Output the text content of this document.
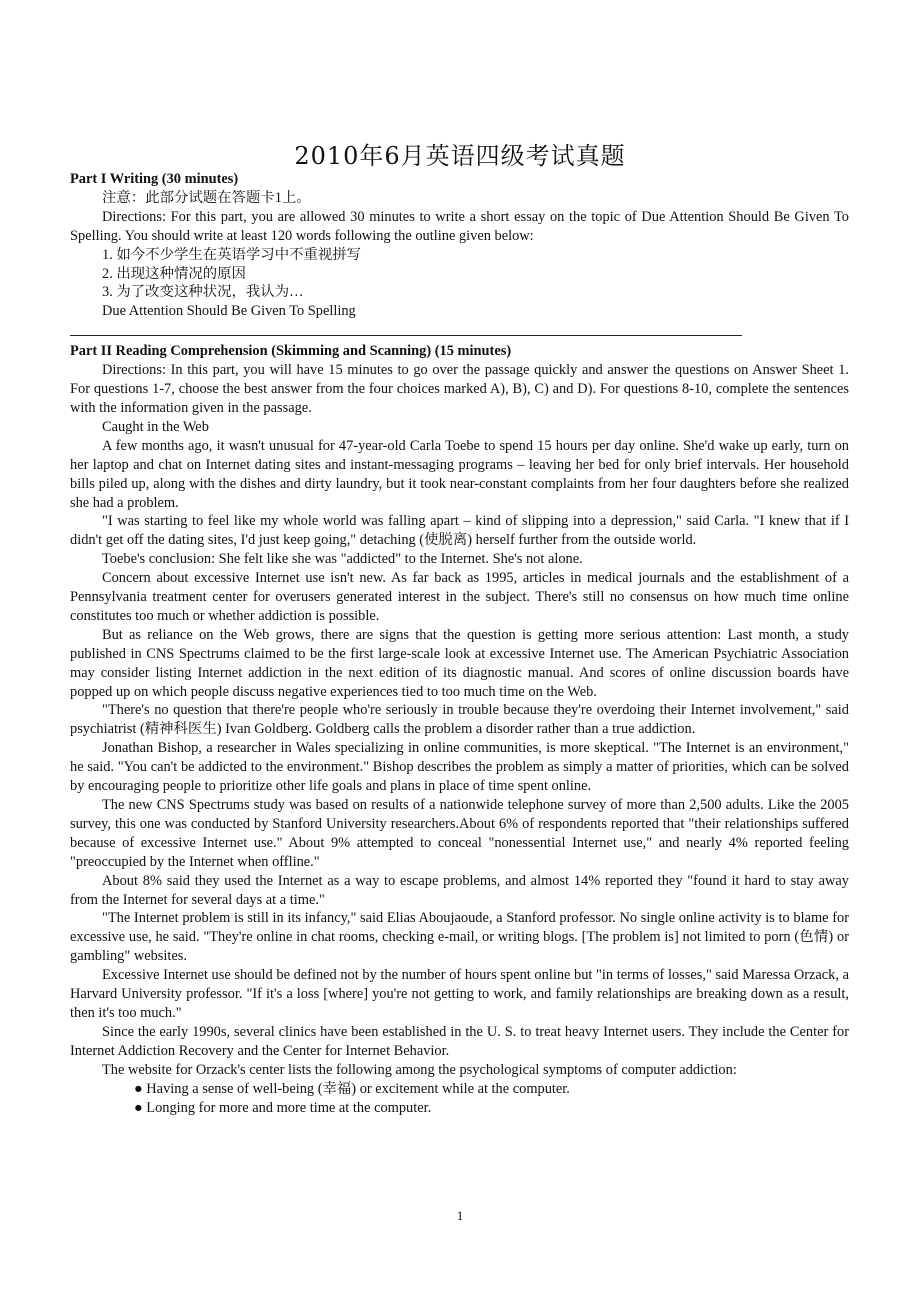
2010年6月英语四级考试真题

Part I Writing (30 minutes)

注意：此部分试题在答题卡1上。

Directions: For this part, you are allowed 30 minutes to write a short essay on the topic of Due Attention Should Be Given To Spelling. You should write at least 120 words following the outline given below:

1. 如今不少学生在英语学习中不重视拼写

2. 出现这种情况的原因

3. 为了改变这种状况，我认为…

Due Attention Should Be Given To Spelling

Part II Reading Comprehension (Skimming and Scanning) (15 minutes)

Directions: In this part, you will have 15 minutes to go over the passage quickly and answer the questions on Answer Sheet 1. For questions 1-7, choose the best answer from the four choices marked A), B), C) and D). For questions 8-10, complete the sentences with the information given in the passage.

Caught in the Web

A few months ago, it wasn't unusual for 47-year-old Carla Toebe to spend 15 hours per day online. She'd wake up early, turn on her laptop and chat on Internet dating sites and instant-messaging programs – leaving her bed for only brief intervals. Her household bills piled up, along with the dishes and dirty laundry, but it took near-constant complaints from her four daughters before she realized she had a problem.

"I was starting to feel like my whole world was falling apart – kind of slipping into a depression," said Carla. "I knew that if I didn't get off the dating sites, I'd just keep going," detaching (使脱离) herself further from the outside world.

Toebe's conclusion: She felt like she was "addicted" to the Internet. She's not alone.

Concern about excessive Internet use isn't new. As far back as 1995, articles in medical journals and the establishment of a Pennsylvania treatment center for overusers generated interest in the subject. There's still no consensus on how much time online constitutes too much or whether addiction is possible.

But as reliance on the Web grows, there are signs that the question is getting more serious attention: Last month, a study published in CNS Spectrums claimed to be the first large-scale look at excessive Internet use. The American Psychiatric Association may consider listing Internet addiction in the next edition of its diagnostic manual. And scores of online discussion boards have popped up on which people discuss negative experiences tied to too much time on the Web.

"There's no question that there're people who're seriously in trouble because they're overdoing their Internet involvement," said psychiatrist (精神科医生) Ivan Goldberg. Goldberg calls the problem a disorder rather than a true addiction.

Jonathan Bishop, a researcher in Wales specializing in online communities, is more skeptical. "The Internet is an environment," he said. "You can't be addicted to the environment." Bishop describes the problem as simply a matter of priorities, which can be solved by encouraging people to prioritize other life goals and plans in place of time spent online.

The new CNS Spectrums study was based on results of a nationwide telephone survey of more than 2,500 adults. Like the 2005 survey, this one was conducted by Stanford University researchers.About 6% of respondents reported that "their relationships suffered because of excessive Internet use." About 9% attempted to conceal "nonessential Internet use," and nearly 4% reported feeling "preoccupied by the Internet when offline."

About 8% said they used the Internet as a way to escape problems, and almost 14% reported they "found it hard to stay away from the Internet for several days at a time."

"The Internet problem is still in its infancy," said Elias Aboujaoude, a Stanford professor. No single online activity is to blame for excessive use, he said. "They're online in chat rooms, checking e-mail, or writing blogs. [The problem is] not limited to porn (色情) or gambling" websites.

Excessive Internet use should be defined not by the number of hours spent online but "in terms of losses," said Maressa Orzack, a Harvard University professor. "If it's a loss [where] you're not getting to work, and family relationships are breaking down as a result, then it's too much."

Since the early 1990s, several clinics have been established in the U. S. to treat heavy Internet users. They include the Center for Internet Addiction Recovery and the Center for Internet Behavior.

The website for Orzack's center lists the following among the psychological symptoms of computer addiction:

● Having a sense of well-being (幸福) or excitement while at the computer.

● Longing for more and more time at the computer.

1
